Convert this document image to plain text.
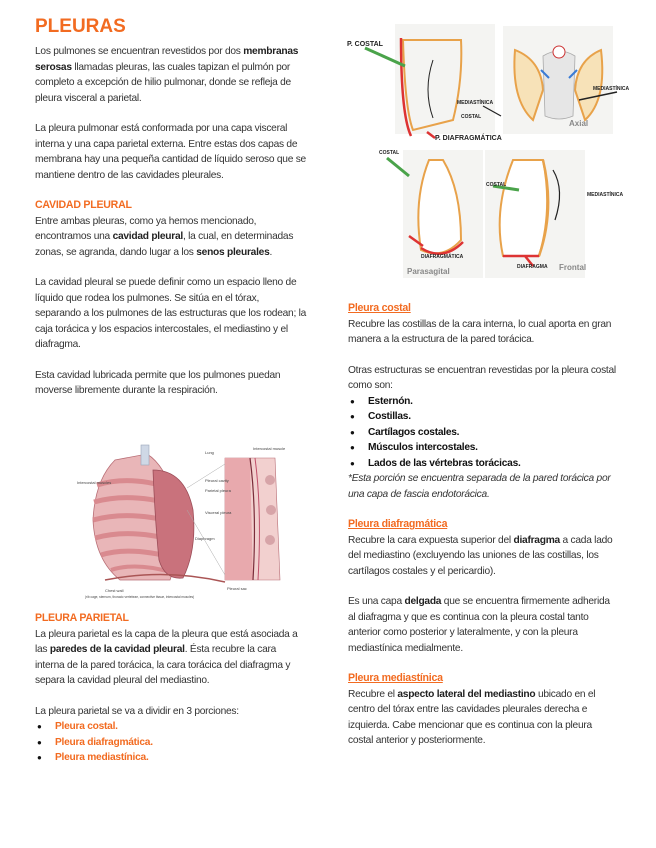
PLEURAS

Los pulmones se encuentran revestidos por dos membranas serosas llamadas pleuras, las cuales tapizan el pulmón por completo a excepción de hilio pulmonar, donde se refleja de pleura visceral a parietal.

La pleura pulmonar está conformada por una capa visceral interna y una capa parietal externa. Entre estas dos capas de membrana hay una pequeña cantidad de líquido seroso que se mantiene dentro de las cavidades pleurales.

CAVIDAD PLEURAL

Entre ambas pleuras, como ya hemos mencionado, encontramos una cavidad pleural, la cual, en determinadas zonas, se agranda, dando lugar a los senos pleurales.

La cavidad pleural se puede definir como un espacio lleno de líquido que rodea los pulmones. Se sitúa en el tórax, separando a los pulmones de las estructuras que los rodean; la caja torácica y los espacios intercostales, el mediastino y el diafragma.

Esta cavidad lubricada permite que los pulmones puedan moverse libremente durante la respiración.

Lung
Intercostal muscle
Pleural cavity
Parietal pleura
Visceral pleura
Diaphragm
Pleural sac
Intercostal muscles
Chest wall
(rib cage, sternum, thoracic vertebrae, connective tissue, intercostal muscles)
PLEURA PARIETAL

La pleura parietal es la capa de la pleura que está asociada a las paredes de la cavidad pleural. Ésta recubre la cara interna de la pared torácica, la cara torácica del diafragma y separa la cavidad pleural del mediastino.

La pleura parietal se va a dividir en 3 porciones:

● Pleura costal.
● Pleura diafragmática.
● Pleura mediastínica.
P. COSTAL
MEDIASTÍNICA
Axial
MEDIASTÍNICA
COSTAL
P. DIAFRAGMÁTICA
COSTAL
DIAFRAGMÁTICA
Parasagital
COSTAL
MEDIASTÍNICA
DIAFRAGMA Frontal
Pleura costal

Recubre las costillas de la cara interna, lo cual aporta en gran manera a la estructura de la pared torácica.

Otras estructuras se encuentran revestidas por la pleura costal como son:

● Esternón.
● Costillas.
● Cartílagos costales.
● Músculos intercostales.
● Lados de las vértebras torácicas.

*Esta porción se encuentra separada de la pared torácica por una capa de fascia endotorácica.

Pleura diafragmática

Recubre la cara expuesta superior del diafragma a cada lado del mediastino (excluyendo las uniones de las costillas, los cartílagos costales y el pericardio).

Es una capa delgada que se encuentra firmemente adherida al diafragma y que es continua con la pleura costal tanto anterior como posterior y lateralmente, y con la pleura mediastínica medialmente.

Pleura mediastínica

Recubre el aspecto lateral del mediastino ubicado en el centro del tórax entre las cavidades pleurales derecha e izquierda. Cabe mencionar que es continua con la pleura costal anterior y posteriormente.
